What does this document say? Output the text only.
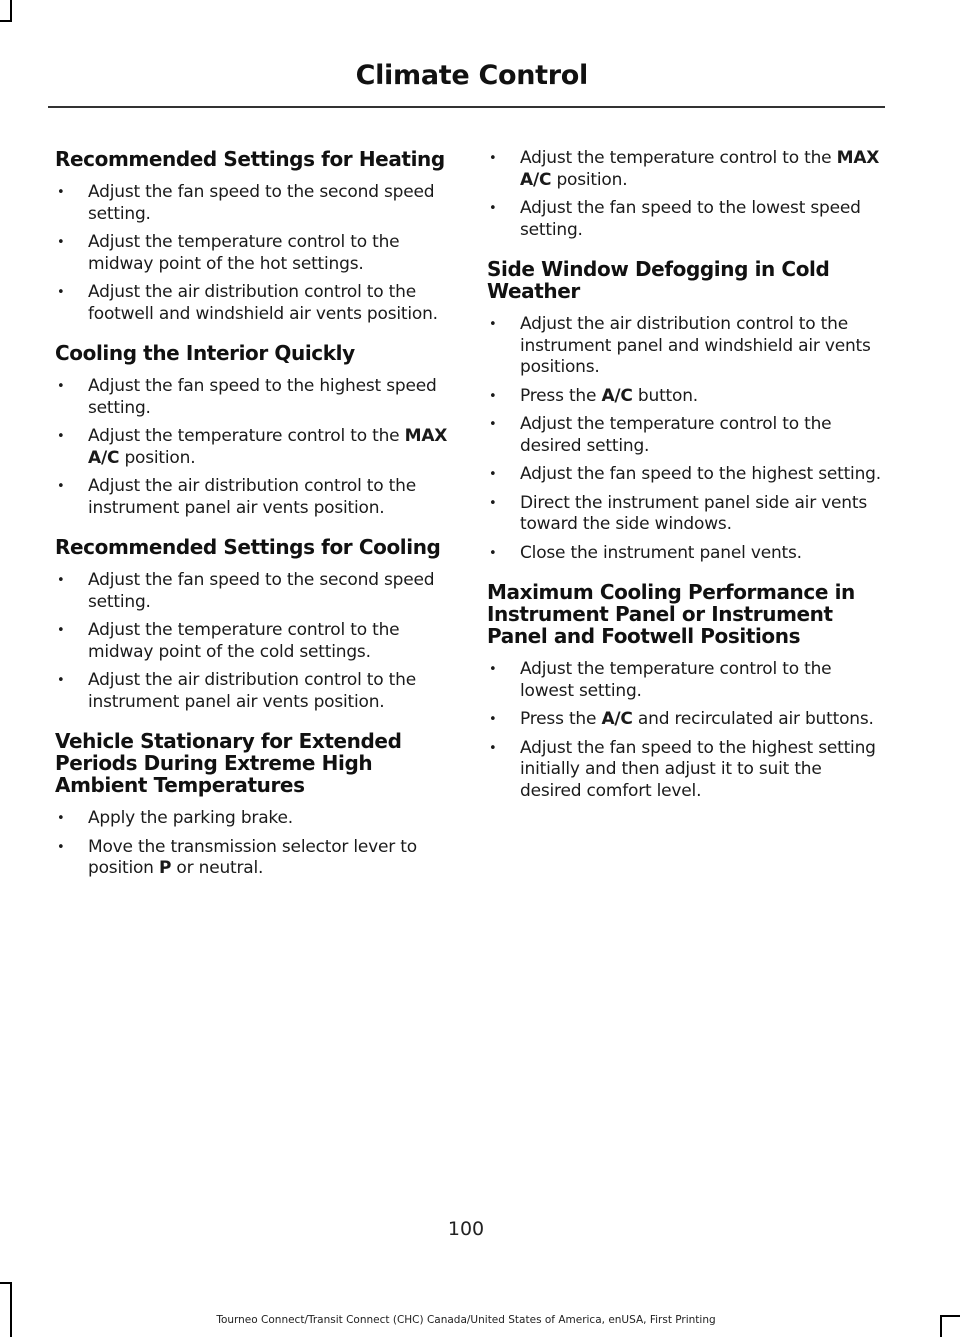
Climate Control
Recommended Settings for Heating
• Adjust the fan speed to the second speed setting.
• Adjust the temperature control to the midway point of the hot settings.
• Adjust the air distribution control to the footwell and windshield air vents position.
Cooling the Interior Quickly
• Adjust the fan speed to the highest speed setting.
• Adjust the temperature control to the MAX A/C position.
• Adjust the air distribution control to the instrument panel air vents position.
Recommended Settings for Cooling
• Adjust the fan speed to the second speed setting.
• Adjust the temperature control to the midway point of the cold settings.
• Adjust the air distribution control to the instrument panel air vents position.
Vehicle Stationary for Extended Periods During Extreme High Ambient Temperatures
• Apply the parking brake.
• Move the transmission selector lever to position P or neutral.
• Adjust the temperature control to the MAX A/C position.
• Adjust the fan speed to the lowest speed setting.
Side Window Defogging in Cold Weather
• Adjust the air distribution control to the instrument panel and windshield air vents positions.
• Press the A/C button.
• Adjust the temperature control to the desired setting.
• Adjust the fan speed to the highest setting.
• Direct the instrument panel side air vents toward the side windows.
• Close the instrument panel vents.
Maximum Cooling Performance in Instrument Panel or Instrument Panel and Footwell Positions
• Adjust the temperature control to the lowest setting.
• Press the A/C and recirculated air buttons.
• Adjust the fan speed to the highest setting initially and then adjust it to suit the desired comfort level.
100
Tourneo Connect/Transit Connect (CHC) Canada/United States of America, enUSA, First Printing
